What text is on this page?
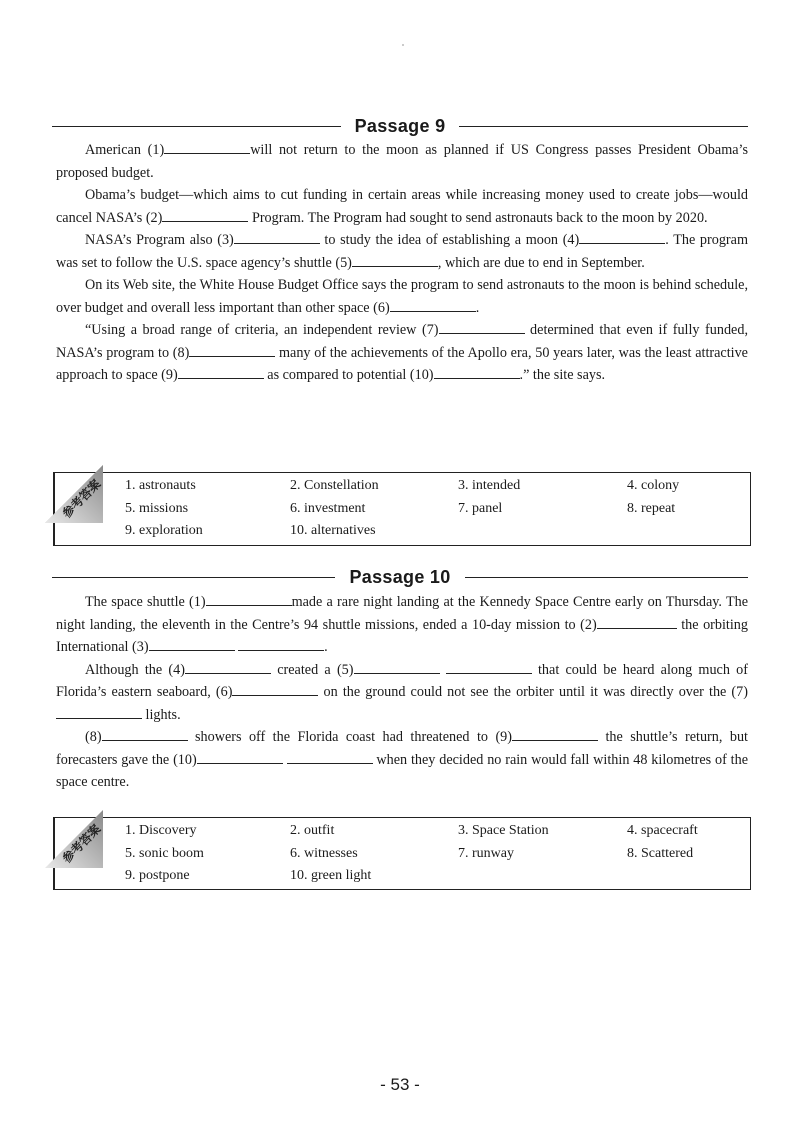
Passage 9

American (1)	will not return to the moon as planned if US Congress passes President Obama’s proposed budget.

Obama’s budget—which aims to cut funding in certain areas while increasing money used to create jobs—would cancel NASA’s (2)	Program. The Program had sought to send astronauts back to the moon by 2020.

NASA’s Program also (3)	to study the idea of establishing a moon (4)	. The program was set to follow the U.S. space agency’s shuttle (5)	, which are due to end in September.

On its Web site, the White House Budget Office says the program to send astronauts to the moon is behind schedule, over budget and overall less important than other space (6)	.

“Using a broad range of criteria, an independent review (7)	determined that even if fully funded, NASA’s program to (8)	many of the achievements of the Apollo era, 50 years later, was the least attractive approach to space (9)	as compared to potential (10)	.” the site says.

参考答案 1. astronauts	2. Constellation	3. intended	4. colony
5. missions	6. investment	7. panel	8. repeat
9. exploration	10. alternatives
Passage 10

The space shuttle (1)	made a rare night landing at the Kennedy Space Centre early on Thursday. The night landing, the eleventh in the Centre’s 94 shuttle missions, ended a 10-day mission to (2)	the orbiting International (3)	.

Although the (4)	created a (5)	that could be heard along much of Florida’s eastern seaboard, (6)	on the ground could not see the orbiter until it was directly over the (7) lights.

(8)	showers off the Florida coast had threatened to (9)	the shuttle’s return, but forecasters gave the (10)	when they decided no rain would fall within 48 kilometres of the space centre.

参考答案 1. Discovery	2. outfit	3. Space Station	4. spacecraft
5. sonic boom	6. witnesses	7. runway	8. Scattered
9. postpone	10. green light
- 53 -
